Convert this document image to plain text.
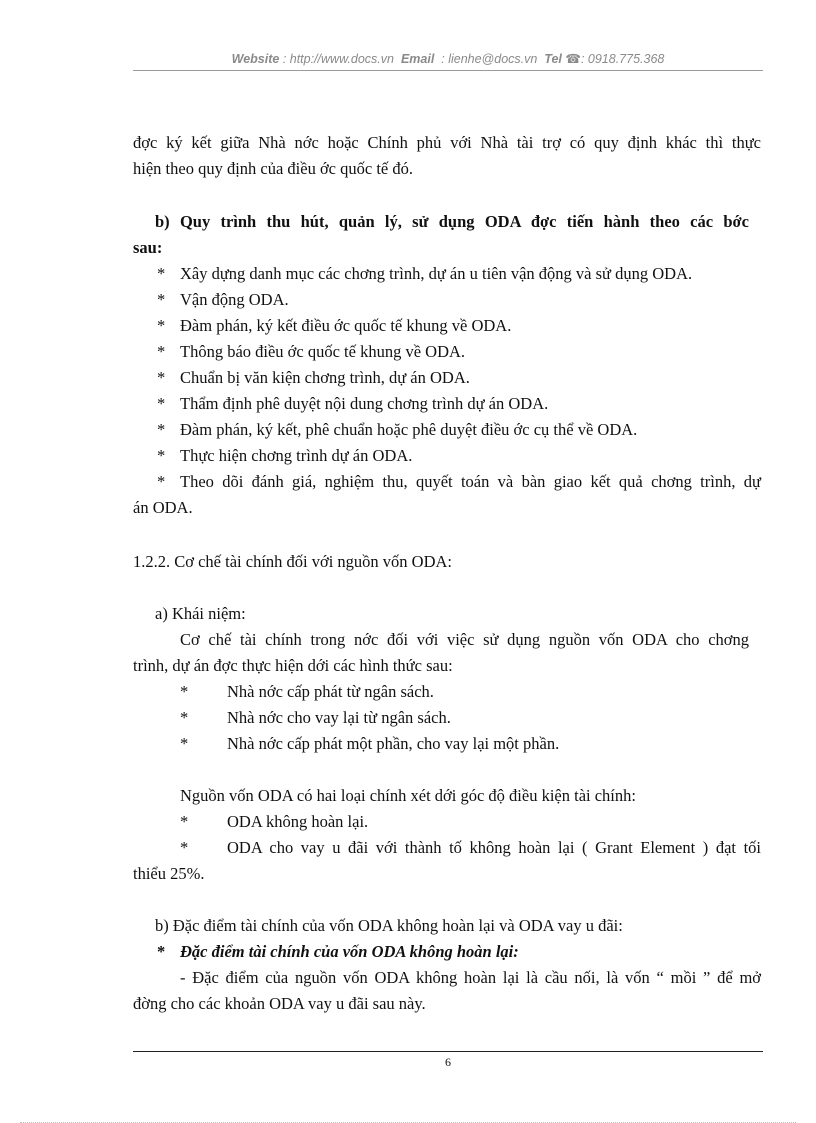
Website : http://www.docs.vn Email : lienhe@docs.vn Tel ☎: 0918.775.368
đợc ký kết giữa Nhà nớc hoặc Chính phủ với Nhà tài trợ có quy định khác thì thực
hiện theo quy định của điều ớc quốc tế đó.
b) Quy trình thu hút, quản lý, sử dụng ODA đợc tiến hành theo các bớc
sau:
* Xây dựng danh mục các chơng trình, dự án u tiên vận động và sử dụng ODA.
* Vận động ODA.
* Đàm phán, ký kết điều ớc quốc tế khung về ODA.
* Thông báo điều ớc quốc tế khung về ODA.
* Chuẩn bị văn kiện chơng trình, dự án ODA.
* Thẩm định phê duyệt nội dung chơng trình dự án ODA.
* Đàm phán, ký kết, phê chuẩn hoặc phê duyệt điều ớc cụ thể về ODA.
* Thực hiện chơng trình dự án ODA.
* Theo dõi đánh giá, nghiệm thu, quyết toán và bàn giao kết quả chơng trình, dự
án ODA.
1.2.2. Cơ chế tài chính đối với nguồn vốn ODA:
a) Khái niệm:
Cơ chế tài chính trong nớc đối với việc sử dụng nguồn vốn ODA cho chơng
trình, dự án đợc thực hiện dới các hình thức sau:
* Nhà nớc cấp phát từ ngân sách.
* Nhà nớc cho vay lại từ ngân sách.
* Nhà nớc cấp phát một phần, cho vay lại một phần.
Nguồn vốn ODA có hai loại chính xét dới góc độ điều kiện tài chính:
* ODA không hoàn lại.
* ODA cho vay u đãi với thành tố không hoàn lại ( Grant Element ) đạt tối
thiểu 25%.
b) Đặc điểm tài chính của vốn ODA không hoàn lại và ODA vay u đãi:
* Đặc điểm tài chính của vốn ODA không hoàn lại:
- Đặc điểm của nguồn vốn ODA không hoàn lại là cầu nối, là vốn “ mồi ” để mở
đờng cho các khoản ODA vay u đãi sau này.
6
